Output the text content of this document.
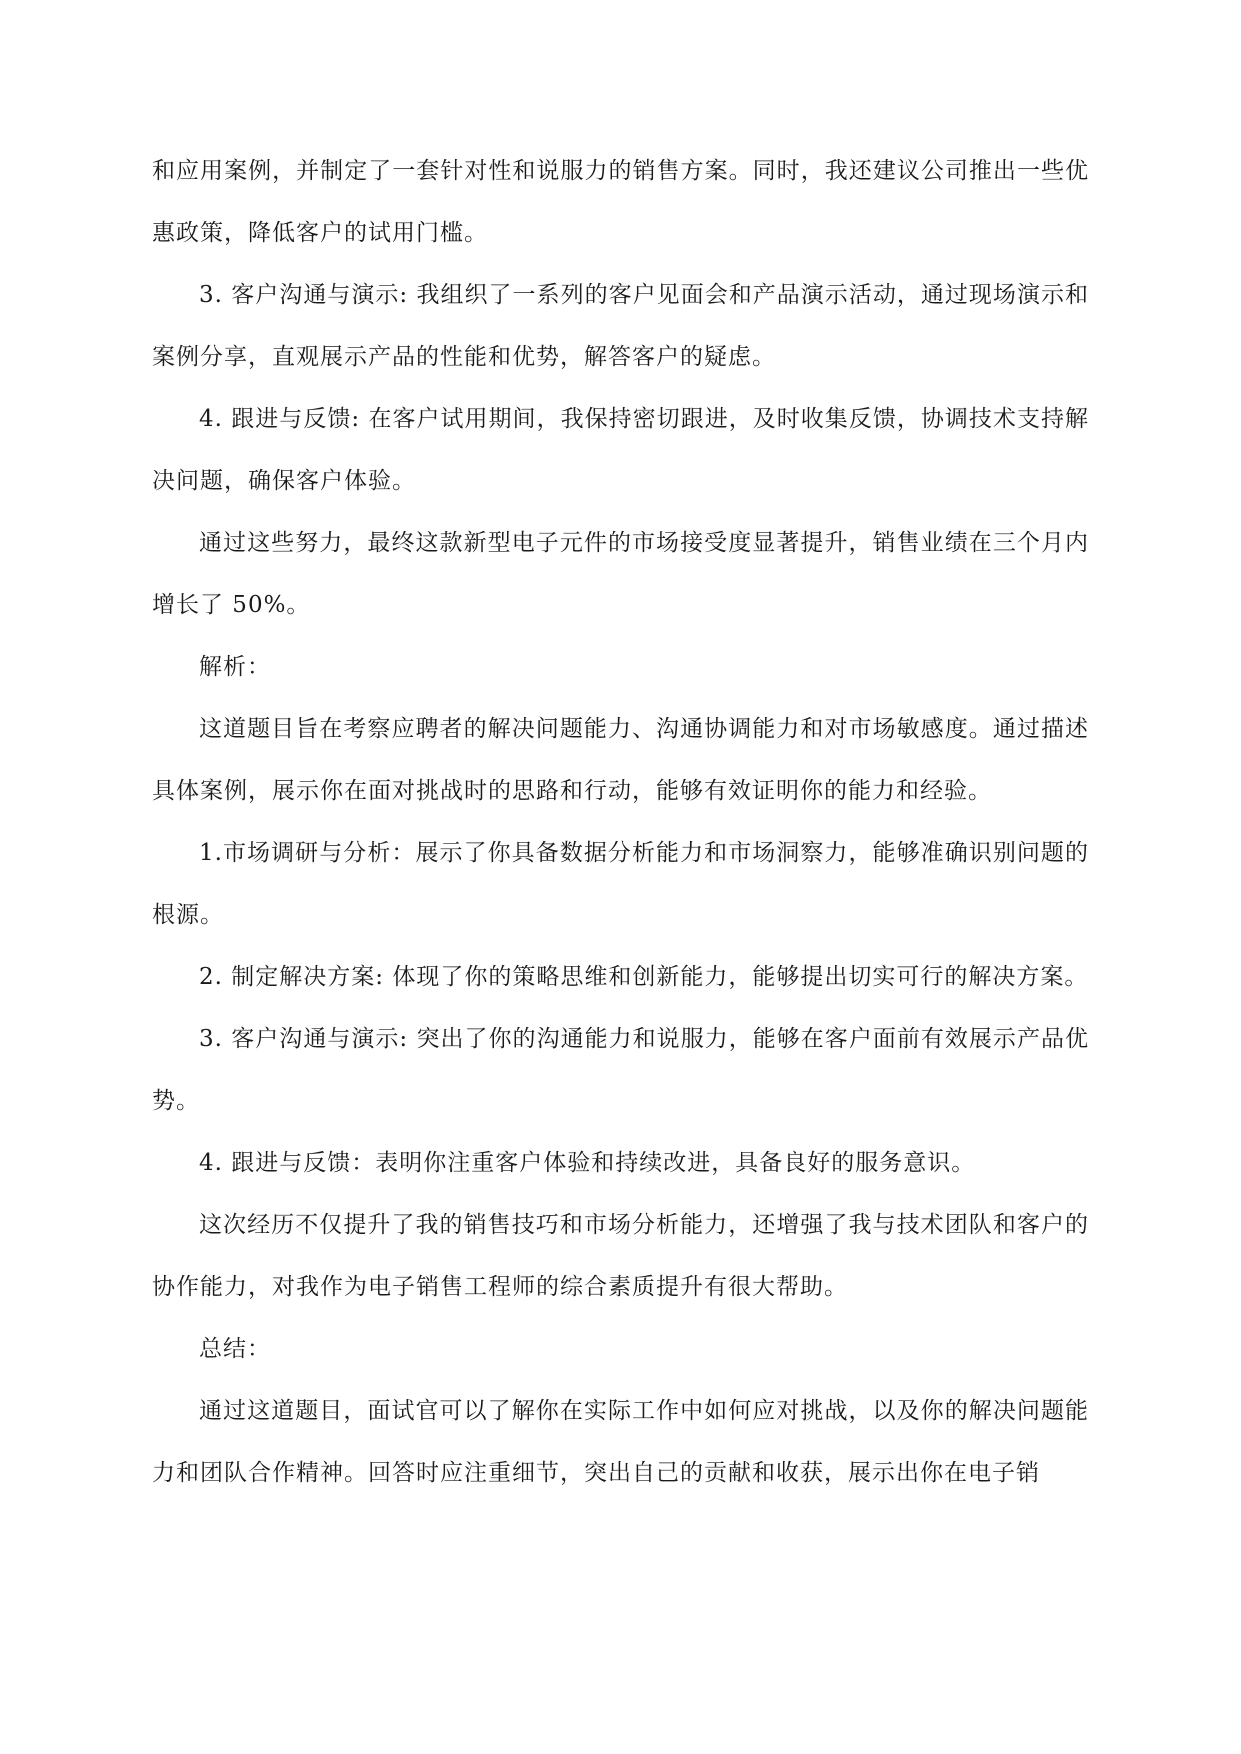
和应用案例，并制定了一套针对性和说服力的销售方案。同时，我还建议公司推出一些优惠政策，降低客户的试用门槛。

3. 客户沟通与演示: 我组织了一系列的客户见面会和产品演示活动，通过现场演示和案例分享，直观展示产品的性能和优势，解答客户的疑虑。

4. 跟进与反馈: 在客户试用期间，我保持密切跟进，及时收集反馈，协调技术支持解决问题，确保客户体验。

通过这些努力，最终这款新型电子元件的市场接受度显著提升，销售业绩在三个月内增长了 50%。

解析：

这道题目旨在考察应聘者的解决问题能力、沟通协调能力和对市场敏感度。通过描述具体案例，展示你在面对挑战时的思路和行动，能够有效证明你的能力和经验。

1.市场调研与分析：展示了你具备数据分析能力和市场洞察力，能够准确识别问题的根源。

2. 制定解决方案: 体现了你的策略思维和创新能力，能够提出切实可行的解决方案。

3. 客户沟通与演示: 突出了你的沟通能力和说服力，能够在客户面前有效展示产品优势。

4. 跟进与反馈：表明你注重客户体验和持续改进，具备良好的服务意识。

这次经历不仅提升了我的销售技巧和市场分析能力，还增强了我与技术团队和客户的协作能力，对我作为电子销售工程师的综合素质提升有很大帮助。

总结：

通过这道题目，面试官可以了解你在实际工作中如何应对挑战，以及你的解决问题能力和团队合作精神。回答时应注重细节，突出自己的贡献和收获，展示出你在电子销
